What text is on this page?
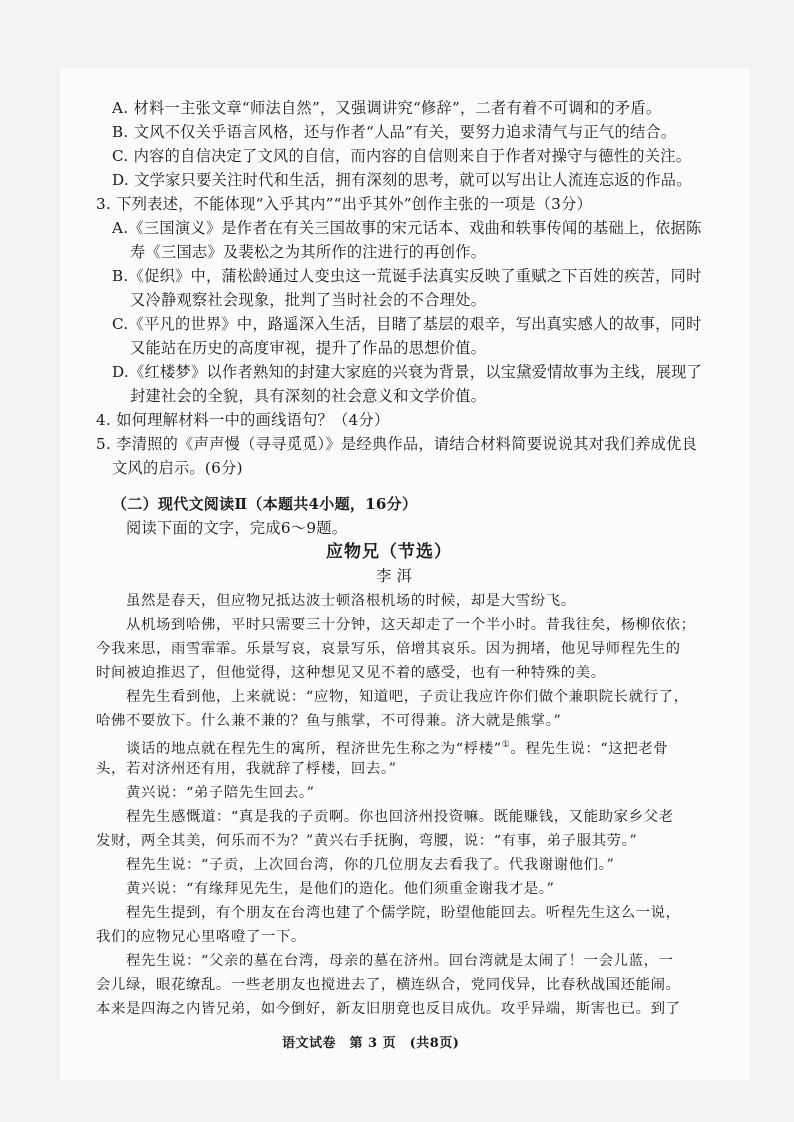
A. 材料一主张文章“师法自然”，又强调讲究“修辞”，二者有着不可调和的矛盾。
B. 文风不仅关乎语言风格，还与作者“人品”有关，要努力追求清气与正气的结合。
C. 内容的自信决定了文风的自信，而内容的自信则来自于作者对操守与德性的关注。
D. 文学家只要关注时代和生活，拥有深刻的思考，就可以写出让人流连忘返的作品。
3. 下列表述，不能体现“入乎其内”“出乎其外”创作主张的一项是（3分）
A.《三国演义》是作者在有关三国故事的宋元话本、戏曲和轶事传闻的基础上，依据陈
寿《三国志》及裴松之为其所作的注进行的再创作。
B.《促织》中，蒲松龄通过人变虫这一荒诞手法真实反映了重赋之下百姓的疾苦，同时
又冷静观察社会现象，批判了当时社会的不合理处。
C.《平凡的世界》中，路遥深入生活，目睹了基层的艰辛，写出真实感人的故事，同时
又能站在历史的高度审视，提升了作品的思想价值。
D.《红楼梦》以作者熟知的封建大家庭的兴衰为背景，以宝黛爱情故事为主线，展现了
封建社会的全貌，具有深刻的社会意义和文学价值。
4. 如何理解材料一中的画线语句？（4分）
5. 李清照的《声声慢（寻寻觅觅）》是经典作品，请结合材料简要说说其对我们养成优良
文风的启示。(6分)
（二）现代文阅读Ⅱ（本题共4小题，16分）
阅读下面的文字，完成6～9题。
应物兄（节选）
李 洱
虽然是春天，但应物兄抵达波士顿洛根机场的时候，却是大雪纷飞。
从机场到哈佛，平时只需要三十分钟，这天却走了一个半小时。昔我往矣，杨柳依依；
今我来思，雨雪霏霏。乐景写哀，哀景写乐，倍增其哀乐。因为拥堵，他见导师程先生的
时间被迫推迟了，但他觉得，这种想见又见不着的感受，也有一种特殊的美。
程先生看到他，上来就说：“应物，知道吧，子贡让我应许你们做个兼职院长就行了，
哈佛不要放下。什么兼不兼的？鱼与熊掌，不可得兼。济大就是熊掌。”
谈话的地点就在程先生的寓所，程济世先生称之为“桴楼”①。程先生说：“这把老骨
头，若对济州还有用，我就辞了桴楼，回去。”
黄兴说：“弟子陪先生回去。”
程先生感慨道：“真是我的子贡啊。你也回济州投资嘛。既能赚钱，又能助家乡父老
发财，两全其美，何乐而不为？”黄兴右手抚胸，弯腰，说：“有事，弟子服其劳。”
程先生说：“子贡，上次回台湾，你的几位朋友去看我了。代我谢谢他们。”
黄兴说：“有缘拜见先生，是他们的造化。他们须重金谢我才是。”
程先生提到，有个朋友在台湾也建了个儒学院，盼望他能回去。听程先生这么一说，
我们的应物兄心里咯噔了一下。
程先生说：“父亲的墓在台湾，母亲的墓在济州。回台湾就是太闹了！一会儿蓝，一
会儿绿，眼花缭乱。一些老朋友也搅进去了，横连纵合，党同伐异，比春秋战国还能闹。
本来是四海之内皆兄弟，如今倒好，新友旧朋竟也反目成仇。攻乎异端，斯害也已。到了
语文试卷　第 3 页　(共8页)
